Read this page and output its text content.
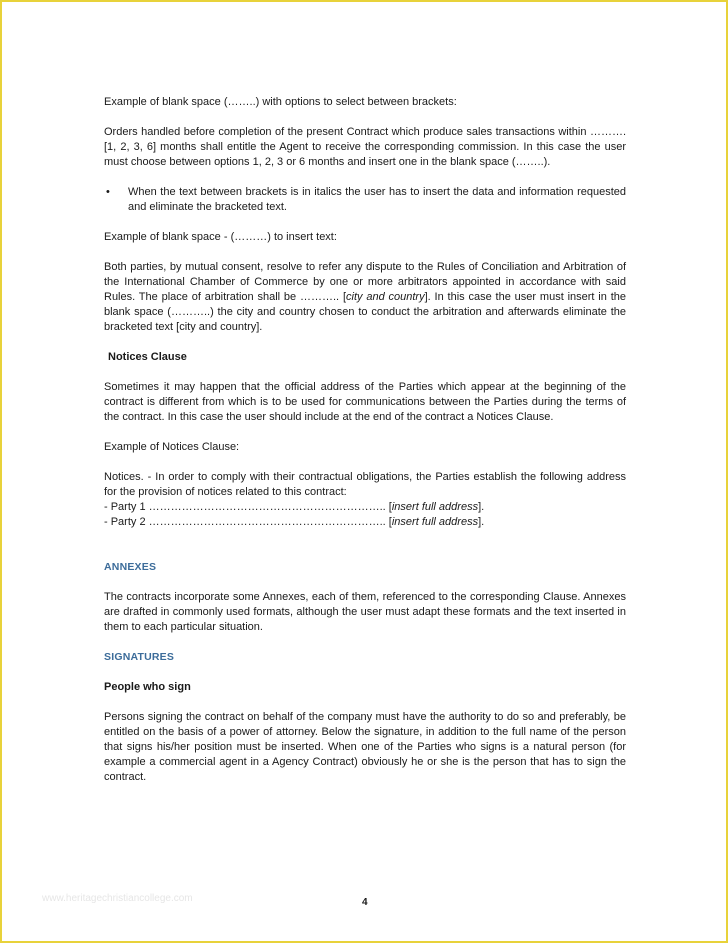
Example of blank space (……..) with options to select between brackets:

Orders handled before completion of the present Contract which produce sales transactions within ………. [1, 2, 3, 6] months shall entitle the Agent to receive the corresponding commission. In this case the user must choose between options 1, 2, 3 or 6 months and insert one in the blank space (……..).

•	When the text between brackets is in italics the user has to insert the data and information requested and eliminate the bracketed text.

Example of blank space - (………) to insert text:

Both parties, by mutual consent, resolve to refer any dispute to the Rules of Conciliation and Arbitration of the International Chamber of Commerce by one or more arbitrators appointed in accordance with said Rules. The place of arbitration shall be ……….. [city and country]. In this case the user must insert in the blank space (………..) the city and country chosen to conduct the arbitration and afterwards eliminate the bracketed text [city and country].

Notices Clause

Sometimes it may happen that the official address of the Parties which appear at the beginning of the contract is different from which is to be used for communications between the Parties during the terms of the contract. In this case the user should include at the end of the contract a Notices Clause.

Example of Notices Clause:

Notices. - In order to comply with their contractual obligations, the Parties establish the following address for the provision of notices related to this contract:

- Party 1 ……………………………………………………….. [insert full address].
- Party 2 ……………………………………………………….. [insert full address].

ANNEXES

The contracts incorporate some Annexes, each of them, referenced to the corresponding Clause. Annexes are drafted in commonly used formats, although the user must adapt these formats and the text inserted in them to each particular situation.

SIGNATURES

People who sign

Persons signing the contract on behalf of the company must have the authority to do so and preferably, be entitled on the basis of a power of attorney. Below the signature, in addition to the full name of the person that signs his/her position must be inserted. When one of the Parties who signs is a natural person (for example a commercial agent in a Agency Contract) obviously he or she is the person that has to sign the contract.

www.heritagechristiancollege.com	4
